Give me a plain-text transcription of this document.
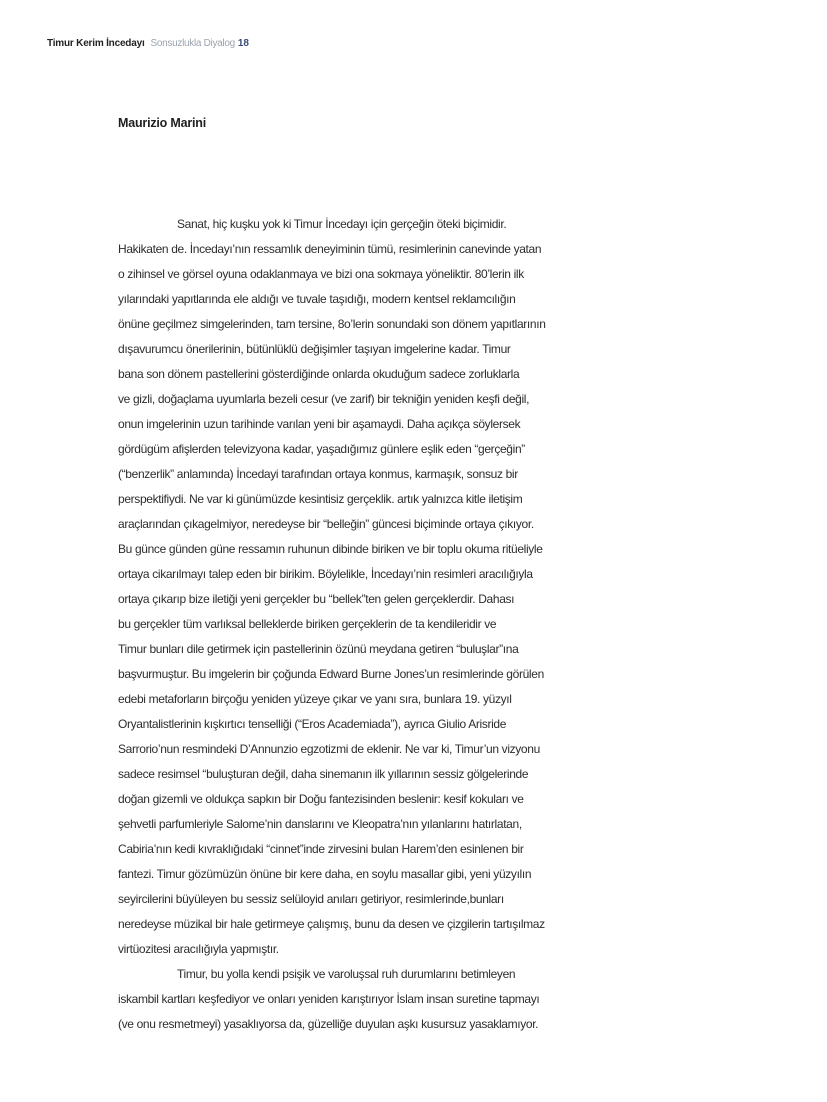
Timur Kerim İncedayı Sonsuzlukla Diyalog 18
Maurizio Marini
Sanat, hiç kuşku yok ki Timur İncedayı için gerçeğin öteki biçimidir.
Hakikaten de. İncedayı’nın ressamlık deneyiminin tümü, resimlerinin canevinde yatan
o zihinsel ve görsel oyuna odaklanmaya ve bizi ona sokmaya yöneliktir. 80’lerin ilk
yılarındaki yapıtlarında ele aldığı ve tuvale taşıdığı, modern kentsel reklamcılığın
önüne geçilmez simgelerinden, tam tersine, 8o’lerin sonundaki son dönem yapıtlarının
dışavurumcu önerilerinin, bütünlüklü değişimler taşıyan imgelerine kadar. Timur
bana son dönem pastellerini gösterdiğinde onlarda okuduğum sadece zorluklarla
ve gizli, doğaçlama uyumlarla bezeli cesur (ve zarif) bir tekniğin yeniden keşfi değil,
onun imgelerinin uzun tarihinde varılan yeni bir aşamaydi. Daha açıkça söylersek
gördügüm afişlerden televizyona kadar, yaşadığımız günlere eşlik eden “gerçeğin”
(“benzerlik” anlamında) İncedayi tarafından ortaya konmus, karmaşık, sonsuz bir
perspektifiydi. Ne var ki günümüzde kesintisiz gerçeklik. artık yalnızca kitle iletişim
araçlarından çıkagelmiyor, neredeyse bir “belleğin” güncesi biçiminde ortaya çıkıyor.
Bu günce günden güne ressamın ruhunun dibinde biriken ve bir toplu okuma ritüeliyle
ortaya cikarılmayı talep eden bir birikim. Böylelikle, İncedayı’nin resimleri aracılığıyla
ortaya çıkarıp bize iletiği yeni gerçekler bu “bellek”ten gelen gerçeklerdir. Dahası
bu gerçekler tüm varlıksal belleklerde biriken gerçeklerin de ta kendileridir ve
Timur bunları dile getirmek için pastellerinin özünü meydana getiren “buluşlar”ına
başvurmuştur. Bu imgelerin bir çoğunda Edward Burne Jones’un resimlerinde görülen
edebi metaforların birçoğu yeniden yüzeye çıkar ve yanı sıra, bunlara 19. yüzyıl
Oryantalistlerinin kışkırtıcı tenselliği (“Eros Academiada”), ayrıca Giulio Arisride
Sarrorio’nun resmindeki D’Annunzio egzotizmi de eklenir. Ne var ki, Timur’un vizyonu
sadece resimsel “buluşturan değil, daha sinemanın ilk yıllarının sessiz gölgelerinde
doğan gizemli ve oldukça sapkın bir Doğu fantezisinden beslenir: kesif kokuları ve
şehvetli parfumleriyle Salome’nin danslarını ve Kleopatra’nın yılanlarını hatırlatan,
Cabiria’nın kedi kıvraklığıdaki “cinnet”inde zirvesini bulan Harem’den esinlenen bir
fantezi. Timur gözümüzün önüne bir kere daha, en soylu masallar gibi, yeni yüzyılın
seyircilerini büyüleyen bu sessiz selüloyid anıları getiriyor, resimlerinde,bunları
neredeyse müzikal bir hale getirmeye çalışmış, bunu da desen ve çizgilerin tartışılmaz
virtüozitesi aracılığıyla yapmıştır.
Timur, bu yolla kendi psişik ve varoluşsal ruh durumlarını betimleyen
iskambil kartları keşfediyor ve onları yeniden karıştırıyor İslam insan suretine tapmayı
(ve onu resmetmeyi) yasaklıyorsa da, güzelliğe duyulan aşkı kusursuz yasaklamıyor.
